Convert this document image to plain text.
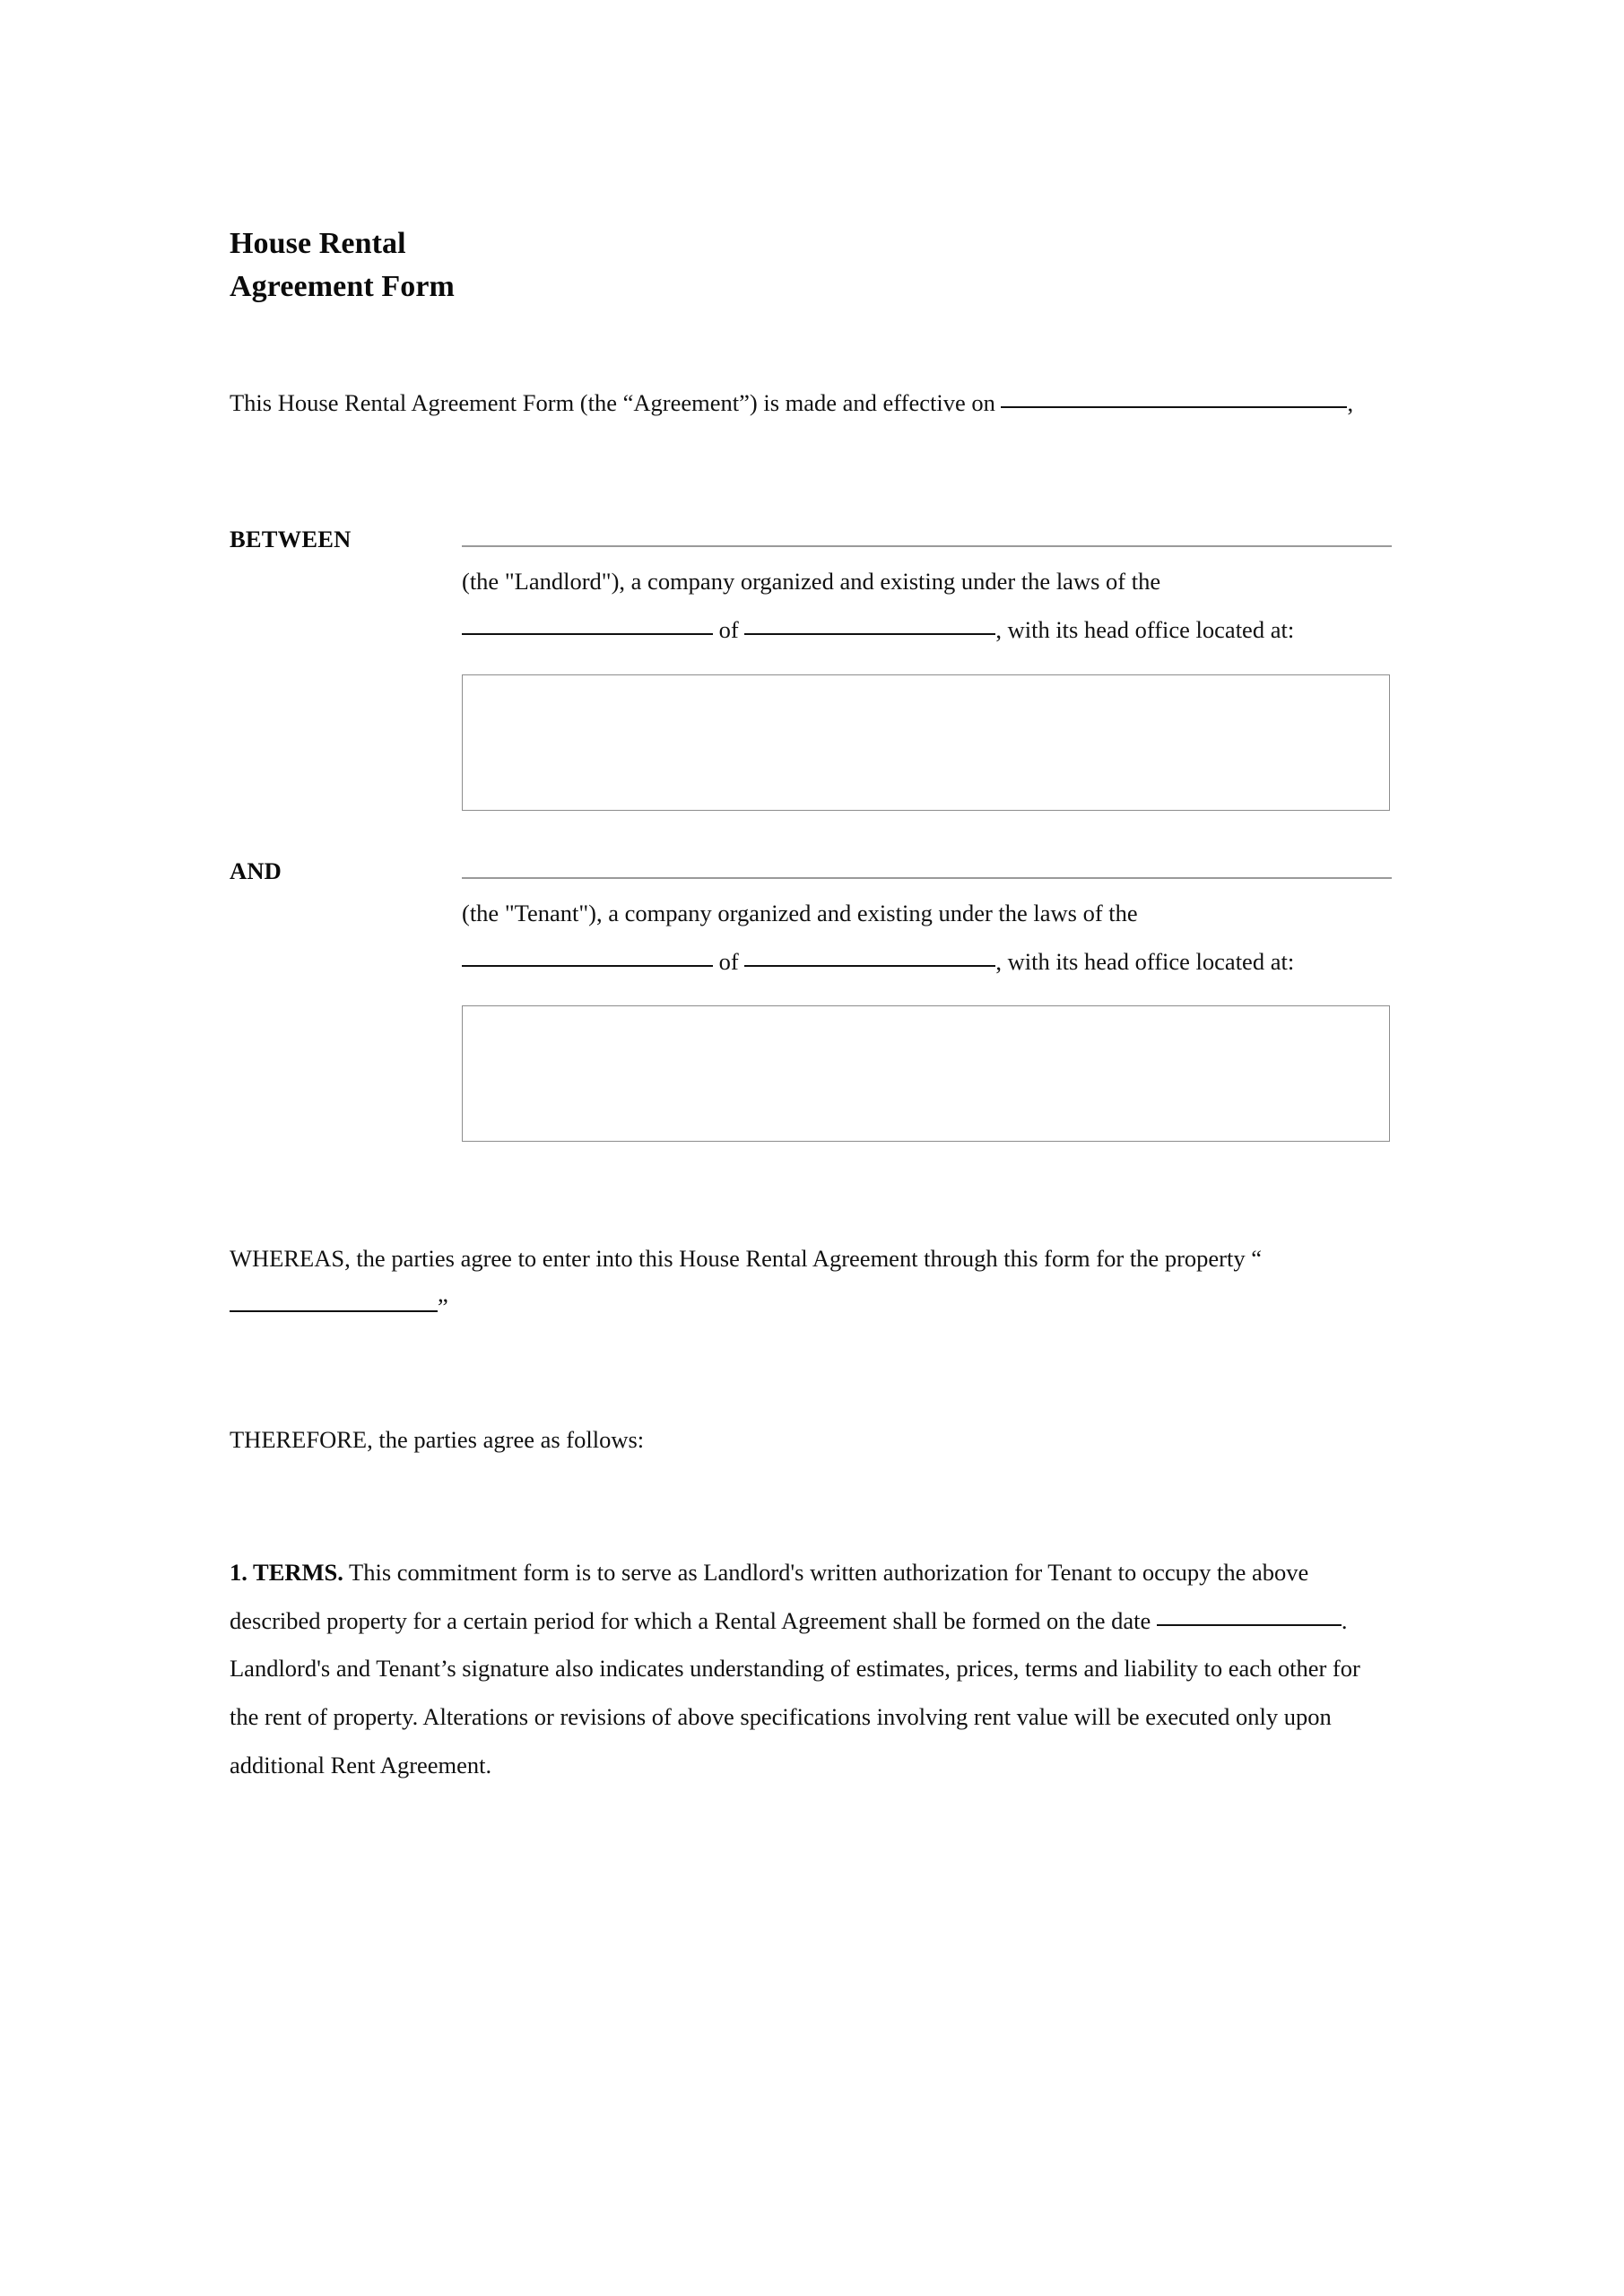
House Rental
Agreement Form

This House Rental Agreement Form (the “Agreement”) is made and effective on	,

BETWEEN

(the "Landlord"), a company organized and existing under the laws of the  of	, with its head office located at:

AND

(the "Tenant"), a company organized and existing under the laws of the  of	, with its head office located at:

WHEREAS, the parties agree to enter into this House Rental Agreement through this form for the property “”

THEREFORE, the parties agree as follows:

1. TERMS. This commitment form is to serve as Landlord's written authorization for Tenant to occupy the above described property for a certain period for which a Rental Agreement shall be formed on the date	. Landlord's and Tenant’s signature also indicates understanding of estimates, prices, terms and liability to each other for the rent of property. Alterations or revisions of above specifications involving rent value will be executed only upon additional Rent Agreement.
